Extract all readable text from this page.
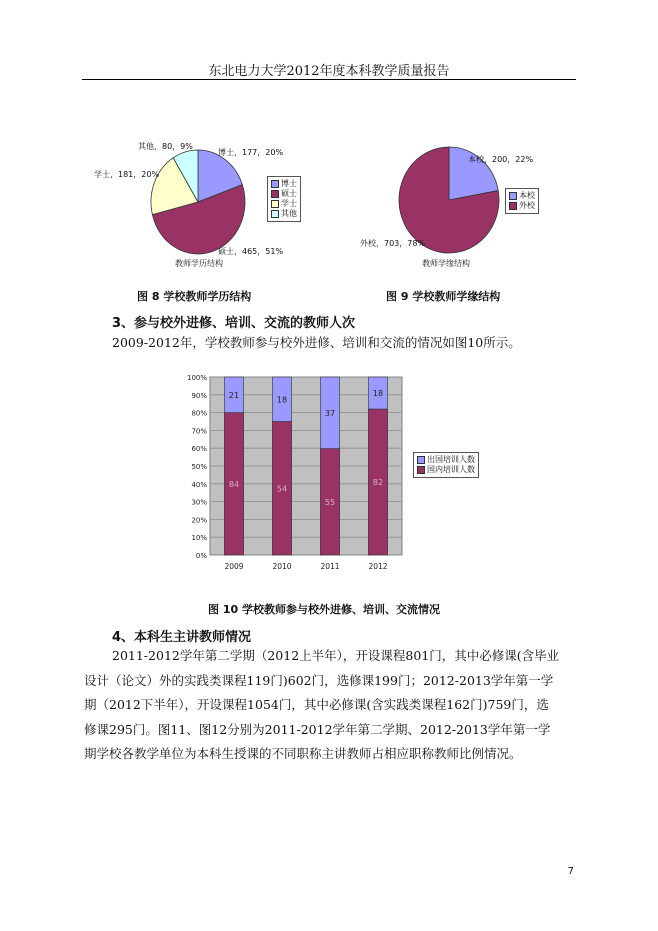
东北电力大学2012年度本科教学质量报告
博士，177，20%
硕士，465，51%
学士，181，20%
其他，80，9%
教师学历结构
博士
硕士
学士
其他
本校，200，22%
外校，703，78%
教师学缘结构
本校
外校
图 8 学校教师学历结构	图 9 学校教师学缘结构
3、参与校外进修、培训、交流的教师人次
2009-2012年，学校教师参与校外进修、培训和交流的情况如图10所示。
0%
10%
20%
30%
40%
50%
60%
70%
80%
90%
100%
84
21
2009
54
18
2010
55
37
2011
82
18
2012
出国培训人数
国内培训人数
图 10 学校教师参与校外进修、培训、交流情况
4、本科生主讲教师情况
2011-2012学年第二学期（2012上半年），开设课程801门，其中必修课(含毕业
设计（论文）外的实践类课程119门)602门，选修课199门；2012-2013学年第一学
期（2012下半年），开设课程1054门，其中必修课(含实践类课程162门)759门，选
修课295门。图11、图12分别为2011-2012学年第二学期、2012-2013学年第一学
期学校各教学单位为本科生授课的不同职称主讲教师占相应职称教师比例情况。
7
